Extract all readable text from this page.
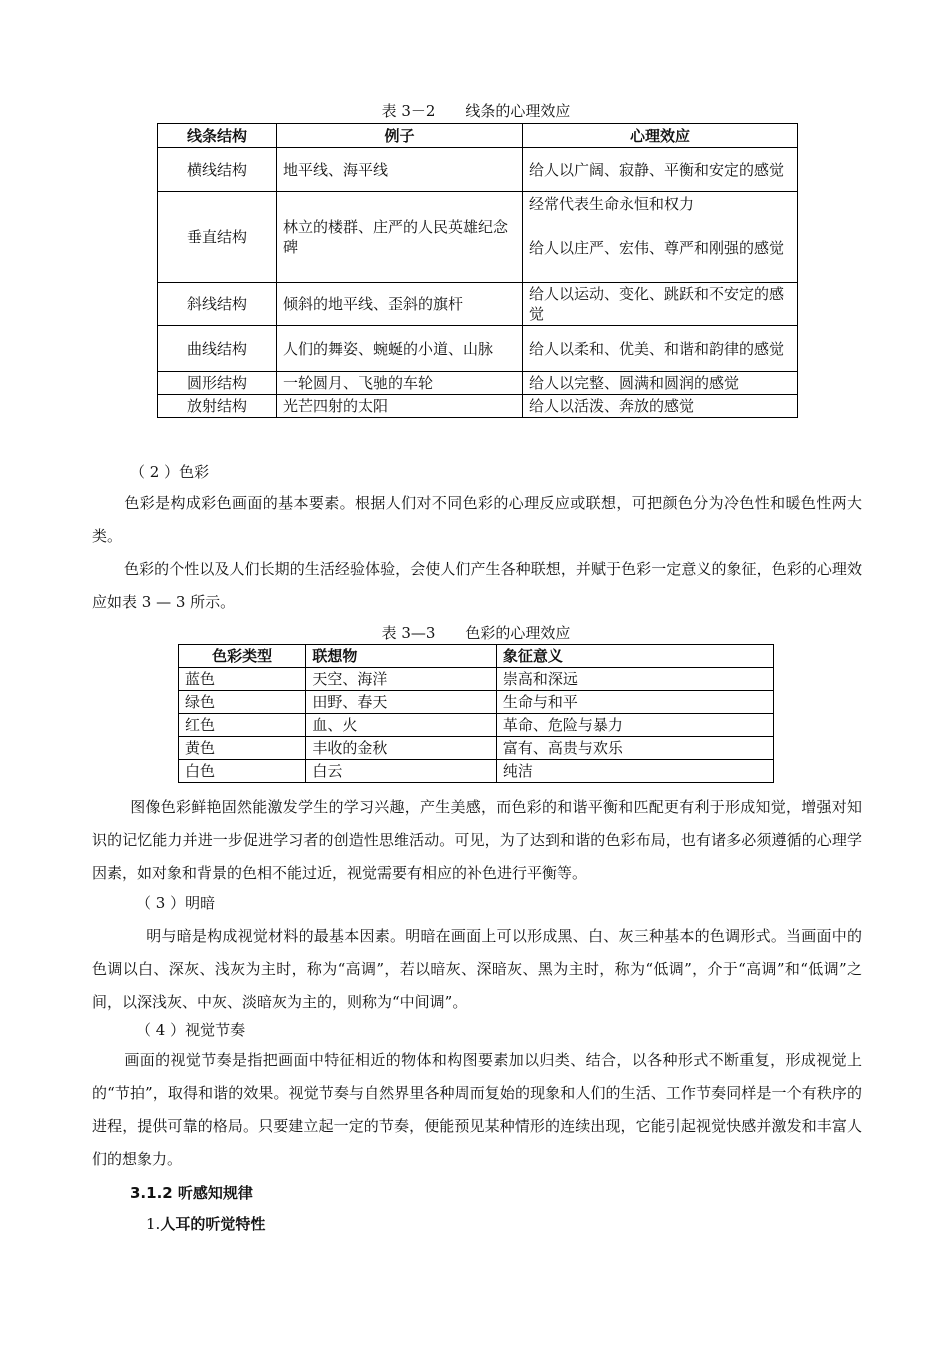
表 3－2　　线条的心理效应
线条结构	例子	心理效应
横线结构	地平线、海平线	给人以广阔、寂静、平衡和安定的感觉
垂直结构	林立的楼群、庄严的人民英雄纪念碑	经常代表生命永恒和权力
给人以庄严、宏伟、尊严和刚强的感觉

斜线结构	倾斜的地平线、歪斜的旗杆	给人以运动、变化、跳跃和不安定的感觉
曲线结构	人们的舞姿、蜿蜒的小道、山脉	给人以柔和、优美、和谐和韵律的感觉
圆形结构	一轮圆月、飞驰的车轮	给人以完整、圆满和圆润的感觉
放射结构	光芒四射的太阳	给人以活泼、奔放的感觉
（ 2 ）色彩
色彩是构成彩色画面的基本要素。根据人们对不同色彩的心理反应或联想，可把颜色分为冷色性和暖色性两大类。
色彩的个性以及人们长期的生活经验体验，会使人们产生各种联想，并赋于色彩一定意义的象征，色彩的心理效应如表 3 — 3 所示。
表 3—3　　色彩的心理效应
色彩类型	联想物	象征意义
蓝色	天空、海洋	崇高和深远
绿色	田野、春天	生命与和平
红色	血、火	革命、危险与暴力
黄色	丰收的金秋	富有、高贵与欢乐
白色	白云	纯洁
图像色彩鲜艳固然能激发学生的学习兴趣，产生美感，而色彩的和谐平衡和匹配更有利于形成知觉，增强对知识的记忆能力并进一步促进学习者的创造性思维活动。可见，为了达到和谐的色彩布局，也有诸多必须遵循的心理学因素，如对象和背景的色相不能过近，视觉需要有相应的补色进行平衡等。
（ 3 ）明暗
明与暗是构成视觉材料的最基本因素。明暗在画面上可以形成黑、白、灰三种基本的色调形式。当画面中的色调以白、深灰、浅灰为主时，称为“高调”，若以暗灰、深暗灰、黑为主时，称为“低调”，介于“高调”和“低调”之间，以深浅灰、中灰、淡暗灰为主的，则称为“中间调”。
（ 4 ）视觉节奏
画面的视觉节奏是指把画面中特征相近的物体和构图要素加以归类、结合，以各种形式不断重复，形成视觉上的“节拍”，取得和谐的效果。视觉节奏与自然界里各种周而复始的现象和人们的生活、工作节奏同样是一个有秩序的进程，提供可靠的格局。只要建立起一定的节奏，便能预见某种情形的连续出现，它能引起视觉快感并激发和丰富人们的想象力。
3.1.2 听感知规律
1.人耳的听觉特性
